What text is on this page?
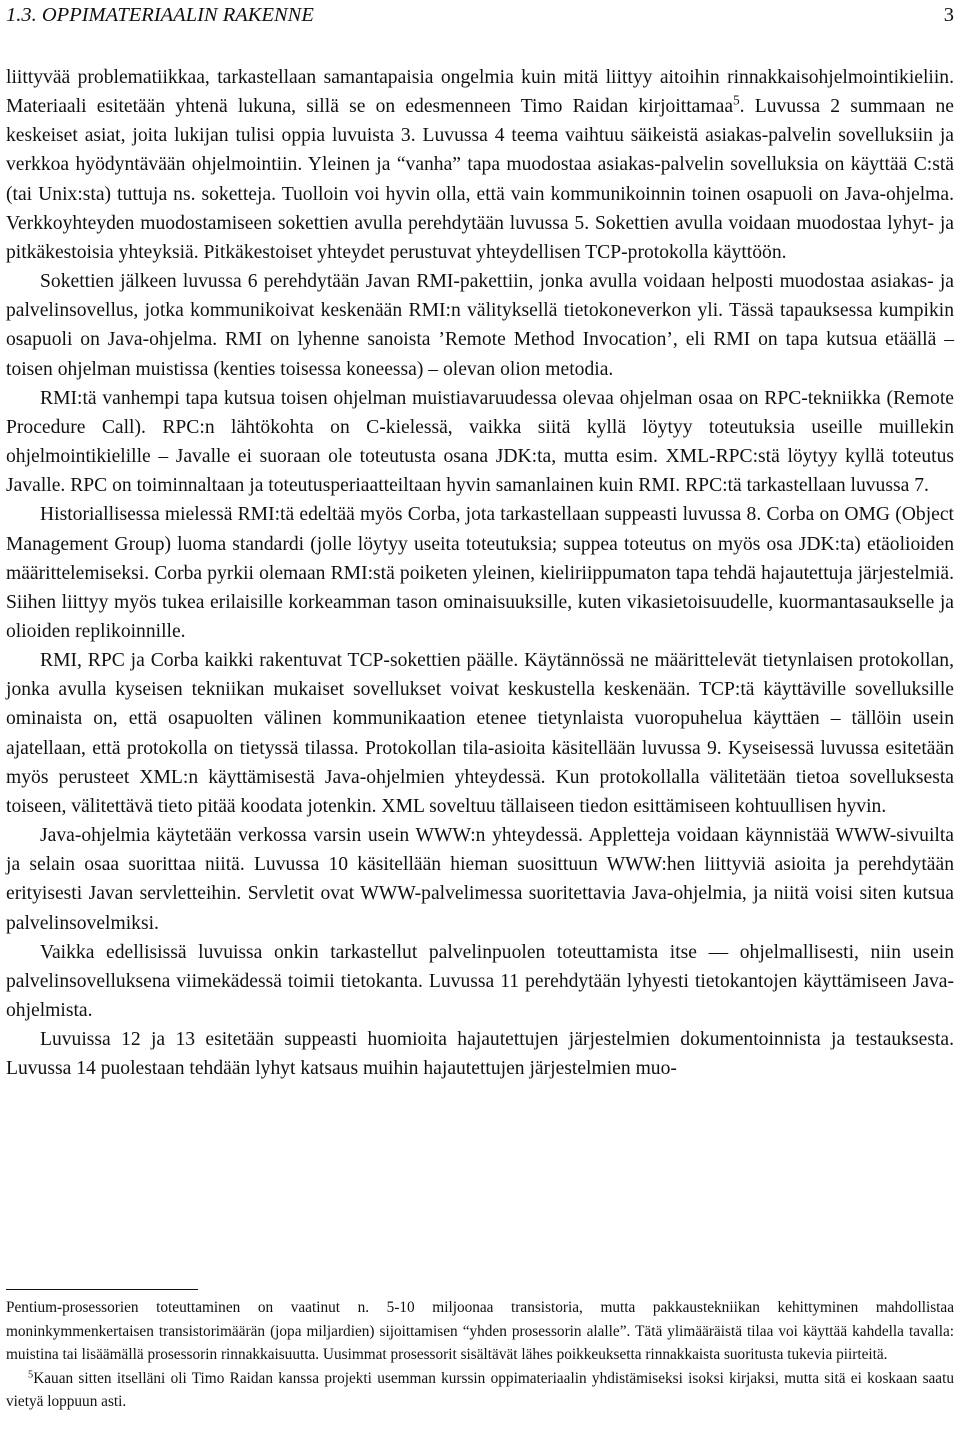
1.3. OPPIMATERIAALIN RAKENNE	3

liittyvää problematiikkaa, tarkastellaan samantapaisia ongelmia kuin mitä liittyy aitoihin rinnakkaisohjelmointikieliin. Materiaali esitetään yhtenä lukuna, sillä se on edesmenneen Timo Raidan kirjoittamaa$^5$. Luvussa 2 summaan ne keskeiset asiat, joita lukijan tulisi oppia luvuista 3. Luvussa 4 teema vaihtuu säikeistä asiakas-palvelin sovelluksiin ja verkkoa hyödyntävään ohjelmointiin. Yleinen ja “vanha” tapa muodostaa asiakas-palvelin sovelluksia on käyttää C:stä (tai Unix:sta) tuttuja ns. soketteja. Tuolloin voi hyvin olla, että vain kommunikoinnin toinen osapuoli on Java-ohjelma. Verkkoyhteyden muodostamiseen sokettien avulla perehdytään luvussa 5. Sokettien avulla voidaan muodostaa lyhyt- ja pitkäkestoisia yhteyksiä. Pitkäkestoiset yhteydet perustuvat yhteydellisen TCP-protokolla käyttöön.

Sokettien jälkeen luvussa 6 perehdytään Javan RMI-pakettiin, jonka avulla voidaan helposti muodostaa asiakas- ja palvelinsovellus, jotka kommunikoivat keskenään RMI:n välityksellä tietokoneverkon yli. Tässä tapauksessa kumpikin osapuoli on Java-ohjelma. RMI on lyhenne sanoista ’Remote Method Invocation’, eli RMI on tapa kutsua etäällä – toisen ohjelman muistissa (kenties toisessa koneessa) – olevan olion metodia.

RMI:tä vanhempi tapa kutsua toisen ohjelman muistiavaruudessa olevaa ohjelman osaa on RPC-tekniikka (Remote Procedure Call). RPC:n lähtökohta on C-kielessä, vaikka siitä kyllä löytyy toteutuksia useille muillekin ohjelmointikielille – Javalle ei suoraan ole toteutusta osana JDK:ta, mutta esim. XML-RPC:stä löytyy kyllä toteutus Javalle. RPC on toiminnaltaan ja toteutusperiaatteiltaan hyvin samanlainen kuin RMI. RPC:tä tarkastellaan luvussa 7.

Historiallisessa mielessä RMI:tä edeltää myös Corba, jota tarkastellaan suppeasti luvussa 8. Corba on OMG (Object Management Group) luoma standardi (jolle löytyy useita toteutuksia; suppea toteutus on myös osa JDK:ta) etäolioiden määrittelemiseksi. Corba pyrkii olemaan RMI:stä poiketen yleinen, kieliriippumaton tapa tehdä hajautettuja järjestelmiä. Siihen liittyy myös tukea erilaisille korkeamman tason ominaisuuksille, kuten vikasietoisuudelle, kuormantasaukselle ja olioiden replikoinnille.

RMI, RPC ja Corba kaikki rakentuvat TCP-sokettien päälle. Käytännössä ne määrittelevät tietynlaisen protokollan, jonka avulla kyseisen tekniikan mukaiset sovellukset voivat keskustella keskenään. TCP:tä käyttäville sovelluksille ominaista on, että osapuolten välinen kommunikaation etenee tietynlaista vuoropuhelua käyttäen – tällöin usein ajatellaan, että protokolla on tietyssä tilassa. Protokollan tila-asioita käsitellään luvussa 9. Kyseisessä luvussa esitetään myös perusteet XML:n käyttämisestä Java-ohjelmien yhteydessä. Kun protokollalla välitetään tietoa sovelluksesta toiseen, välitettävä tieto pitää koodata jotenkin. XML soveltuu tällaiseen tiedon esittämiseen kohtuullisen hyvin.

Java-ohjelmia käytetään verkossa varsin usein WWW:n yhteydessä. Appletteja voidaan käynnistää WWW-sivuilta ja selain osaa suorittaa niitä. Luvussa 10 käsitellään hieman suosittuun WWW:hen liittyviä asioita ja perehdytään erityisesti Javan servletteihin. Servletit ovat WWW-palvelimessa suoritettavia Java-ohjelmia, ja niitä voisi siten kutsua palvelinsovelmiksi.

Vaikka edellisissä luvuissa onkin tarkastellut palvelinpuolen toteuttamista itse — ohjelmallisesti, niin usein palvelinsovelluksena viimekädessä toimii tietokanta. Luvussa 11 perehdytään lyhyesti tietokantojen käyttämiseen Java-ohjelmista.

Luvuissa 12 ja 13 esitetään suppeasti huomioita hajautettujen järjestelmien dokumentoinnista ja testauksesta. Luvussa 14 puolestaan tehdään lyhyt katsaus muihin hajautettujen järjestelmien muo-

Pentium-prosessorien toteuttaminen on vaatinut n. 5-10 miljoonaa transistoria, mutta pakkaustekniikan kehittyminen mahdollistaa moninkymmenkertaisen transistorimäärän (jopa miljardien) sijoittamisen “yhden prosessorin alalle”. Tätä ylimääräistä tilaa voi käyttää kahdella tavalla: muistina tai lisäämällä prosessorin rinnakkaisuutta. Uusimmat prosessorit sisältävät lähes poikkeuksetta rinnakkaista suoritusta tukevia piirteitä.

$^5$Kauan sitten itselläni oli Timo Raidan kanssa projekti usemman kurssin oppimateriaalin yhdistämiseksi isoksi kirjaksi, mutta sitä ei koskaan saatu vietyä loppuun asti.
